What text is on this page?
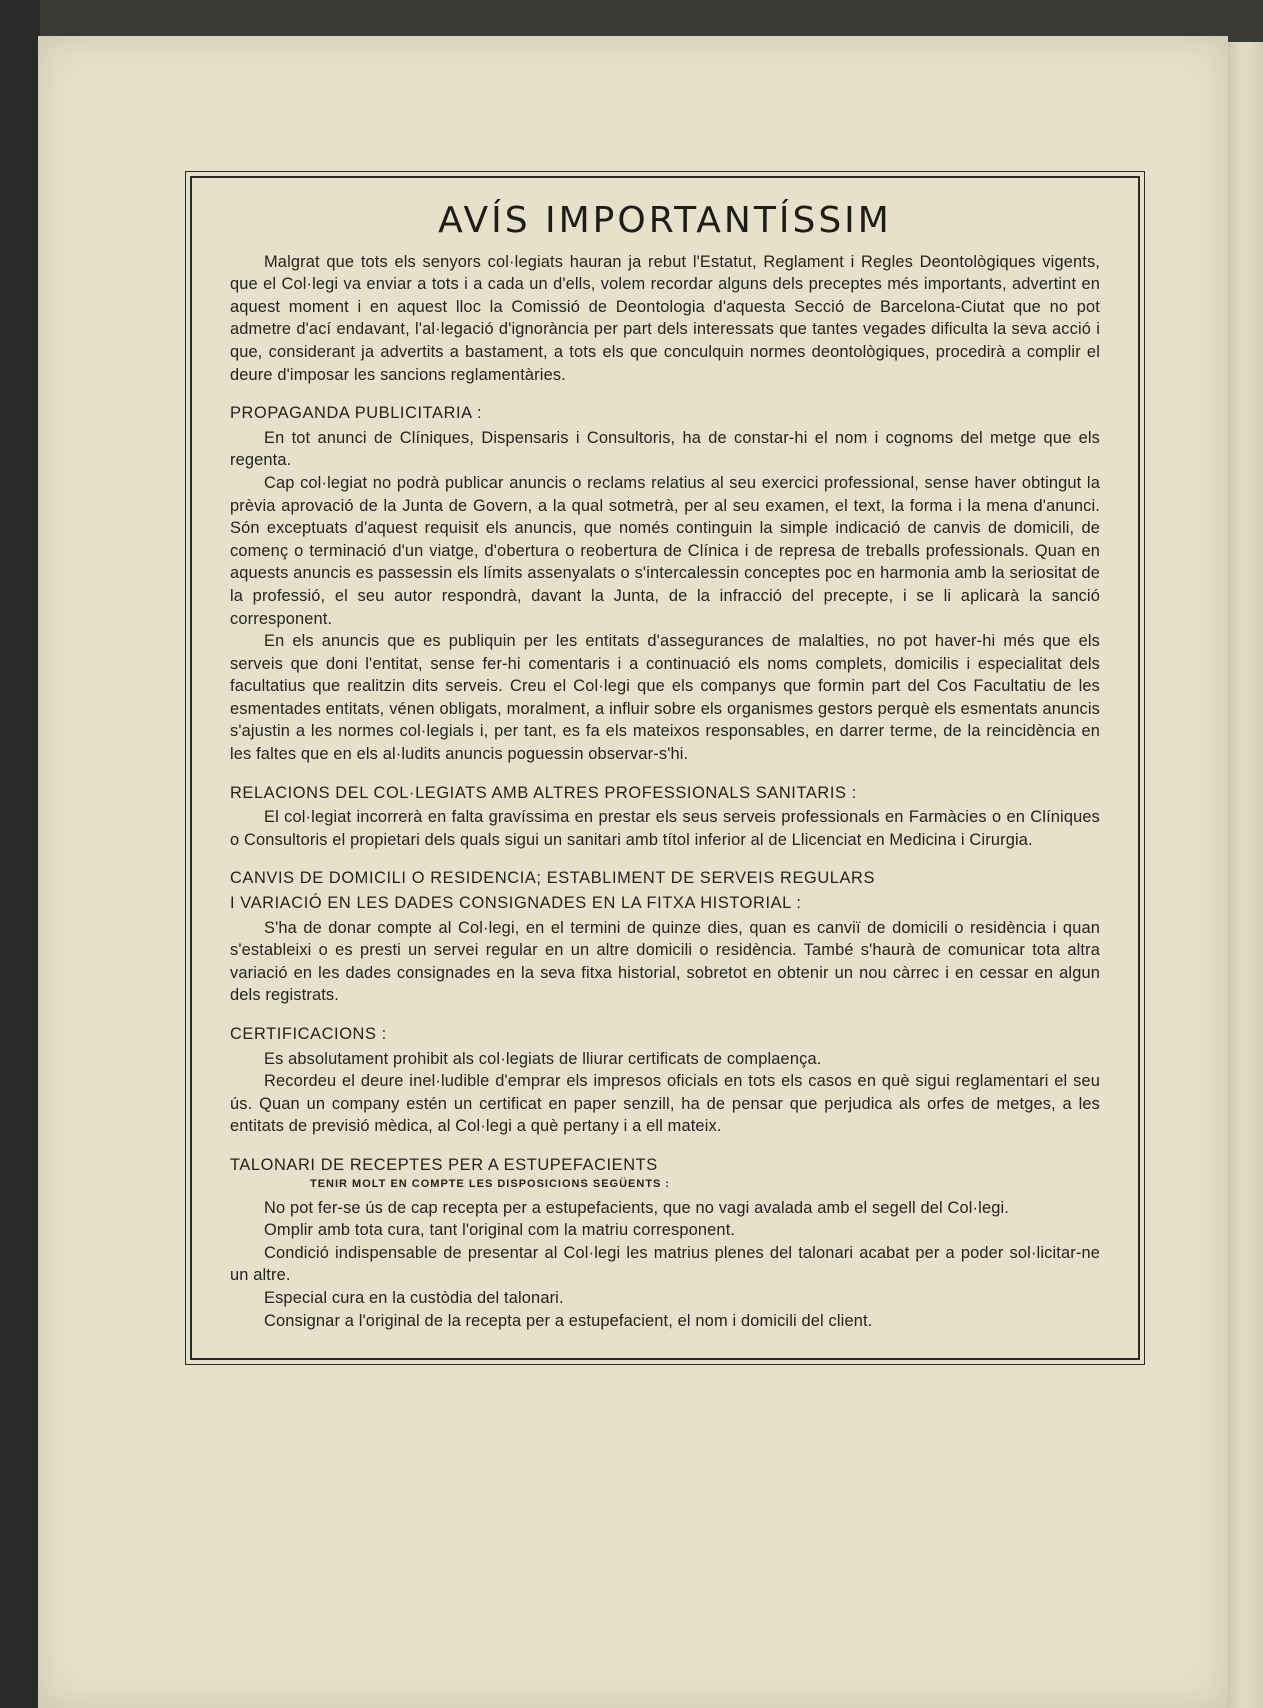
AVÍS IMPORTANTÍSSIM

Malgrat que tots els senyors col·legiats hauran ja rebut l'Estatut, Reglament i Regles Deontològiques vigents, que el Col·legi va enviar a tots i a cada un d'ells, volem recordar alguns dels preceptes més importants, advertint en aquest moment i en aquest lloc la Comissió de Deontologia d'aquesta Secció de Barcelona-Ciutat que no pot admetre d'ací endavant, l'al·legació d'ignorància per part dels interessats que tantes vegades dificulta la seva acció i que, considerant ja advertits a bastament, a tots els que conculquin normes deontològiques, procedirà a complir el deure d'imposar les sancions reglamentàries.

PROPAGANDA PUBLICITARIA :

En tot anunci de Clíniques, Dispensaris i Consultoris, ha de constar-hi el nom i cognoms del metge que els regenta.

Cap col·legiat no podrà publicar anuncis o reclams relatius al seu exercici professional, sense haver obtingut la prèvia aprovació de la Junta de Govern, a la qual sotmetrà, per al seu examen, el text, la forma i la mena d'anunci. Són exceptuats d'aquest requisit els anuncis, que només continguin la simple indicació de canvis de domicili, de començ o terminació d'un viatge, d'obertura o reobertura de Clínica i de represa de treballs professionals. Quan en aquests anuncis es passessin els límits assenyalats o s'intercalessin conceptes poc en harmonia amb la seriositat de la professió, el seu autor respondrà, davant la Junta, de la infracció del precepte, i se li aplicarà la sanció corresponent.

En els anuncis que es publiquin per les entitats d'assegurances de malalties, no pot haver-hi més que els serveis que doni l'entitat, sense fer-hi comentaris i a continuació els noms complets, domicilis i especialitat dels facultatius que realitzin dits serveis. Creu el Col·legi que els companys que formin part del Cos Facultatiu de les esmentades entitats, vénen obligats, moralment, a influir sobre els organismes gestors perquè els esmentats anuncis s'ajustin a les normes col·legials i, per tant, es fa els mateixos responsables, en darrer terme, de la reincidència en les faltes que en els al·ludits anuncis poguessin observar-s'hi.

RELACIONS DEL COL·LEGIATS AMB ALTRES PROFESSIONALS SANITARIS :

El col·legiat incorrerà en falta gravíssima en prestar els seus serveis professionals en Farmàcies o en Clíniques o Consultoris el propietari dels quals sigui un sanitari amb títol inferior al de Llicenciat en Medicina i Cirurgia.

CANVIS DE DOMICILI O RESIDENCIA; ESTABLIMENT DE SERVEIS REGULARS
I VARIACIÓ EN LES DADES CONSIGNADES EN LA FITXA HISTORIAL :

S'ha de donar compte al Col·legi, en el termini de quinze dies, quan es canviï de domicili o residència i quan s'estableixi o es presti un servei regular en un altre domicili o residència. També s'haurà de comunicar tota altra variació en les dades consignades en la seva fitxa historial, sobretot en obtenir un nou càrrec i en cessar en algun dels registrats.

CERTIFICACIONS :

Es absolutament prohibit als col·legiats de lliurar certificats de complaença.

Recordeu el deure inel·ludible d'emprar els impresos oficials en tots els casos en què sigui reglamentari el seu ús. Quan un company estén un certificat en paper senzill, ha de pensar que perjudica als orfes de metges, a les entitats de previsió mèdica, al Col·legi a què pertany i a ell mateix.

TALONARI DE RECEPTES PER A ESTUPEFACIENTS
TENIR MOLT EN COMPTE LES DISPOSICIONS SEGÜENTS :

No pot fer-se ús de cap recepta per a estupefacients, que no vagi avalada amb el segell del Col·legi.

Omplir amb tota cura, tant l'original com la matriu corresponent.

Condició indispensable de presentar al Col·legi les matrius plenes del talonari acabat per a poder sol·licitar-ne un altre.

Especial cura en la custòdia del talonari.

Consignar a l'original de la recepta per a estupefacient, el nom i domicili del client.
